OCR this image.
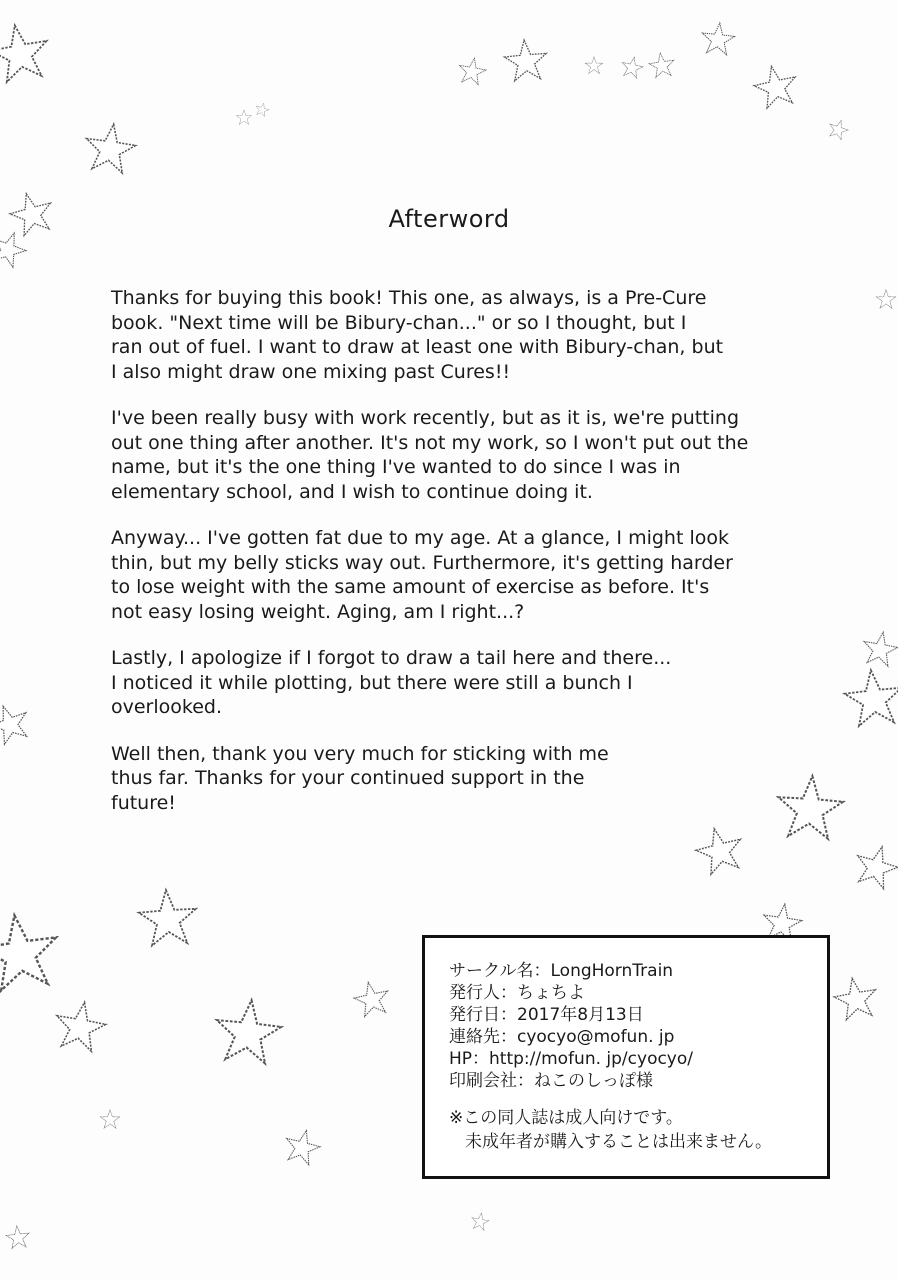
Afterword

Thanks for buying this book! This one, as always, is a Pre-Cure
book. "Next time will be Bibury-chan..." or so I thought, but I
ran out of fuel. I want to draw at least one with Bibury-chan, but
I also might draw one mixing past Cures!!

I've been really busy with work recently, but as it is, we're putting
out one thing after another. It's not my work, so I won't put out the
name, but it's the one thing I've wanted to do since I was in
elementary school, and I wish to continue doing it.

Anyway... I've gotten fat due to my age. At a glance, I might look
thin, but my belly sticks way out. Furthermore, it's getting harder
to lose weight with the same amount of exercise as before. It's
not easy losing weight. Aging, am I right...?

Lastly, I apologize if I forgot to draw a tail here and there...
I noticed it while plotting, but there were still a bunch I
overlooked.

Well then, thank you very much for sticking with me
thus far. Thanks for your continued support in the
future!

サークル名：LongHornTrain
発行人：ちょちよ
発行日：2017年8月13日
連絡先：cyocyo@mofun. jp
HP：http://mofun. jp/cyocyo/
印刷会社：ねこのしっぽ様
※この同人誌は成人向けです。
未成年者が購入することは出来ません。
